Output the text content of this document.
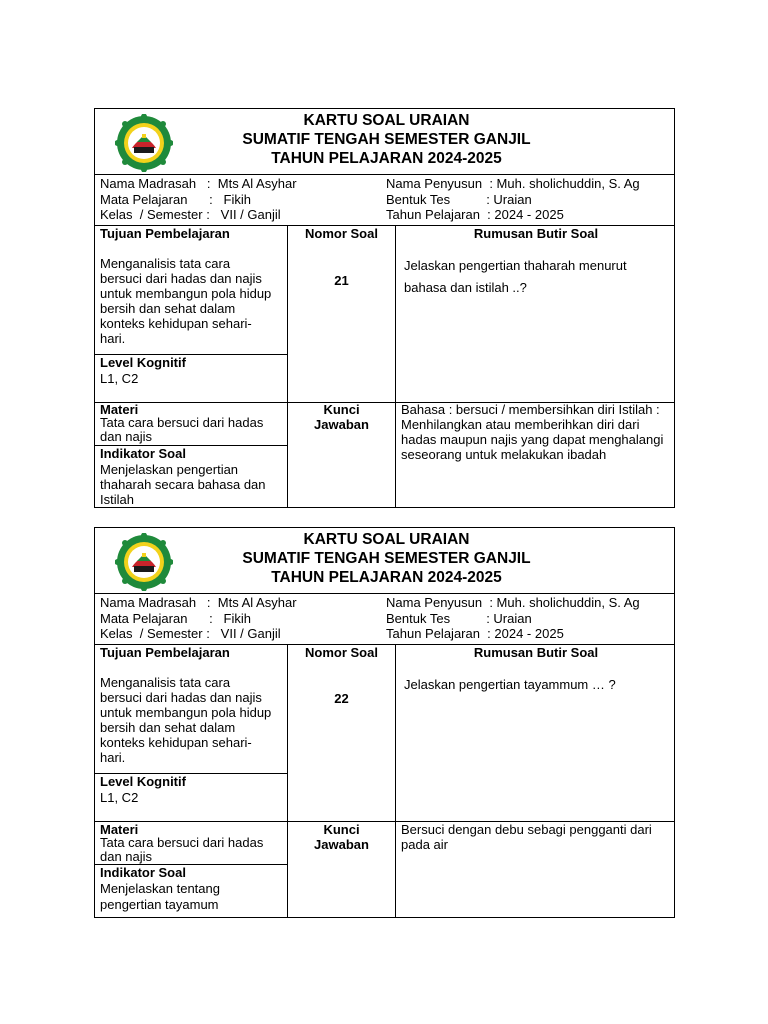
KARTU SOAL URAIAN
SUMATIF TENGAH SEMESTER GANJIL
TAHUN PELAJARAN 2024-2025
Nama Madrasah   :  Mts Al Asyhar
Mata Pelajaran      :   Fikih
Kelas  / Semester :   VII / Ganjil
Nama Penyusun  : Muh. sholichuddin, S. Ag
Bentuk Tes          : Uraian
Tahun Pelajaran  : 2024 - 2025
Tujuan Pembelajaran
Menganalisis tata cara bersuci dari hadas dan najis untuk membangun pola hidup bersih dan sehat dalam konteks kehidupan sehari-hari.
Level Kognitif
L1, C2
Nomor Soal
21
Rumusan Butir Soal
Jelaskan pengertian thaharah menurut
bahasa dan istilah ..?
Materi
Tata cara bersuci dari hadas dan najis
Indikator Soal
Menjelaskan pengertian thaharah secara bahasa dan Istilah
Kunci
Jawaban
Bahasa : bersuci / membersihkan diri Istilah : Menhilangkan atau memberihkan diri dari hadas maupun najis yang dapat menghalangi seseorang untuk melakukan ibadah
KARTU SOAL URAIAN
SUMATIF TENGAH SEMESTER GANJIL
TAHUN PELAJARAN 2024-2025
Nama Madrasah   :  Mts Al Asyhar
Mata Pelajaran      :   Fikih
Kelas  / Semester :   VII / Ganjil
Nama Penyusun  : Muh. sholichuddin, S. Ag
Bentuk Tes          : Uraian
Tahun Pelajaran  : 2024 - 2025
Tujuan Pembelajaran
Menganalisis tata cara bersuci dari hadas dan najis untuk membangun pola hidup bersih dan sehat dalam konteks kehidupan sehari-hari.
Level Kognitif
L1, C2
Nomor Soal
22
Rumusan Butir Soal
Jelaskan pengertian tayammum … ?
Materi
Tata cara bersuci dari hadas dan najis
Indikator Soal
Menjelaskan tentang pengertian tayamum
Kunci
Jawaban
Bersuci dengan debu sebagi pengganti dari pada air
